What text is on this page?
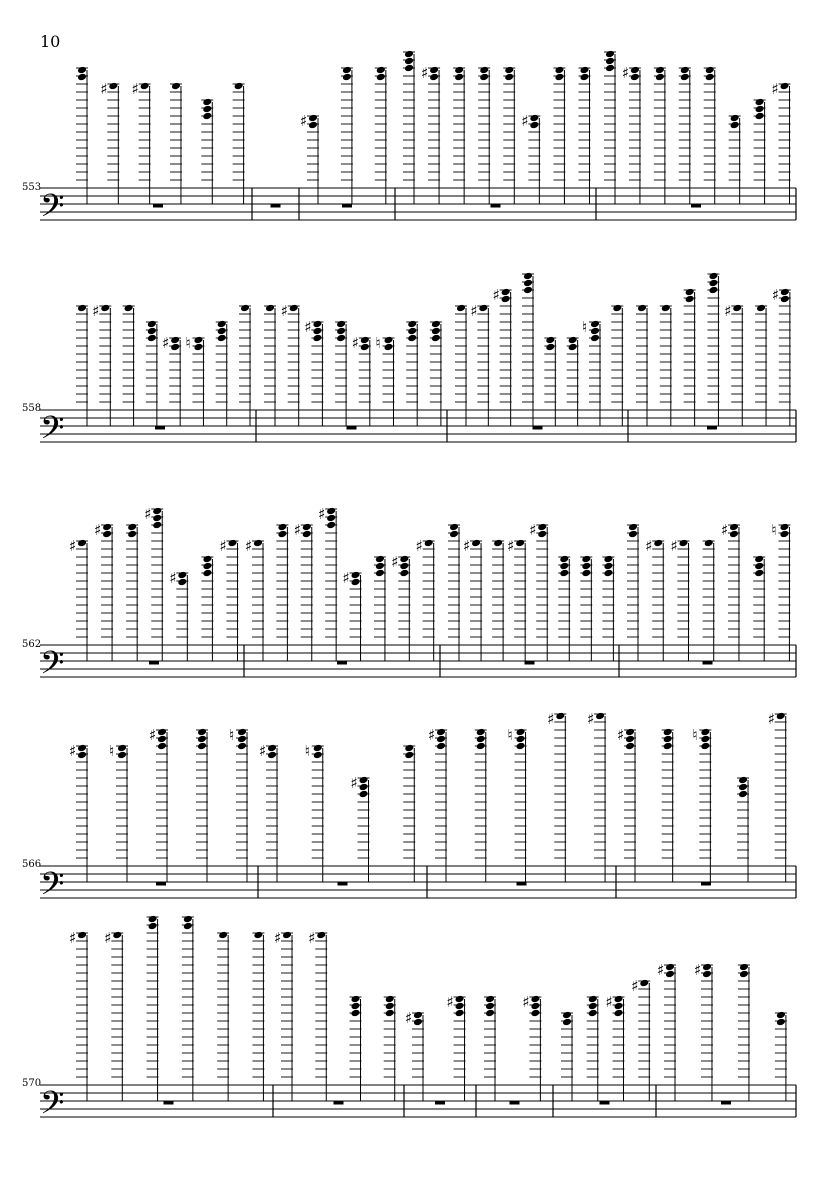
10
553
558
562
566
570
𝄢
♯ ♯
♯
♯
♯
♯
♯
𝄢
♯
♯ ♮
♯
♯
♯ ♮
♯
♯
♮
♯
♯
𝄢
♯
♯
♯
♯
♯ ♯
♯
♯
♯
♯
♯	♯ ♯
♯
♯ ♯
♯	♮
𝄢
♯ ♮
♯	♮
♯	♮
♯
♯	♮
♯ ♯
♯	♮
♯
𝄢
♯ ♯	♯ ♯
♯
♯	♯	♯
♯
♯ ♯
